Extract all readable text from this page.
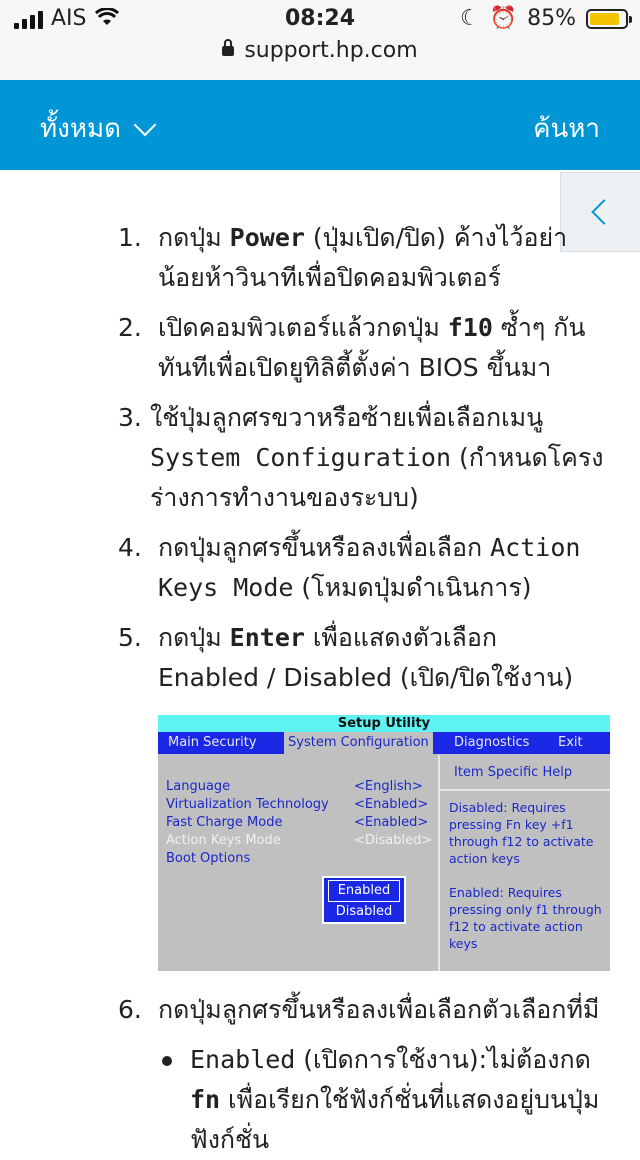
AIS	08:24	☾ ⏰ 85%
support.hp.com
ทั้งหมด	ค้นหา
1. กดปุ่ม Power (ปุ่มเปิด/ปิด) ค้างไว้อย่า
น้อยห้าวินาทีเพื่อปิดคอมพิวเตอร์
2. เปิดคอมพิวเตอร์แล้วกดปุ่ม f10 ซ้ำๆ กัน
ทันทีเพื่อเปิดยูทิลิตี้ตั้งค่า BIOS ขึ้นมา
3. ใช้ปุ่มลูกศรขวาหรือซ้ายเพื่อเลือกเมนู
System Configuration (กำหนดโครง
ร่างการทำงานของระบบ)
4. กดปุ่มลูกศรขึ้นหรือลงเพื่อเลือก Action
Keys Mode (โหมดปุ่มดำเนินการ)
5. กดปุ่ม Enter เพื่อแสดงตัวเลือก
Enabled / Disabled (เปิด/ปิดใช้งาน)
Setup Utility
Main Security	System Configuration	Diagnostics Exit
Item Specific Help
Language	<English>
Virtualization Technology <Enabled>
Fast Charge Mode	<Enabled>
Action Keys Mode	<Disabled>
Boot Options
Disabled: Requires
pressing Fn key +f1
through f12 to activate
action keys
Enabled: Requires
pressing only f1 through
f12 to activate action
keys
Enabled
Disabled
6. กดปุ่มลูกศรขึ้นหรือลงเพื่อเลือกตัวเลือกที่มี
Enabled (เปิดการใช้งาน):ไม่ต้องกด
fn เพื่อเรียกใช้ฟังก์ชั่นที่แสดงอยู่บนปุ่ม
ฟังก์ชั่น
